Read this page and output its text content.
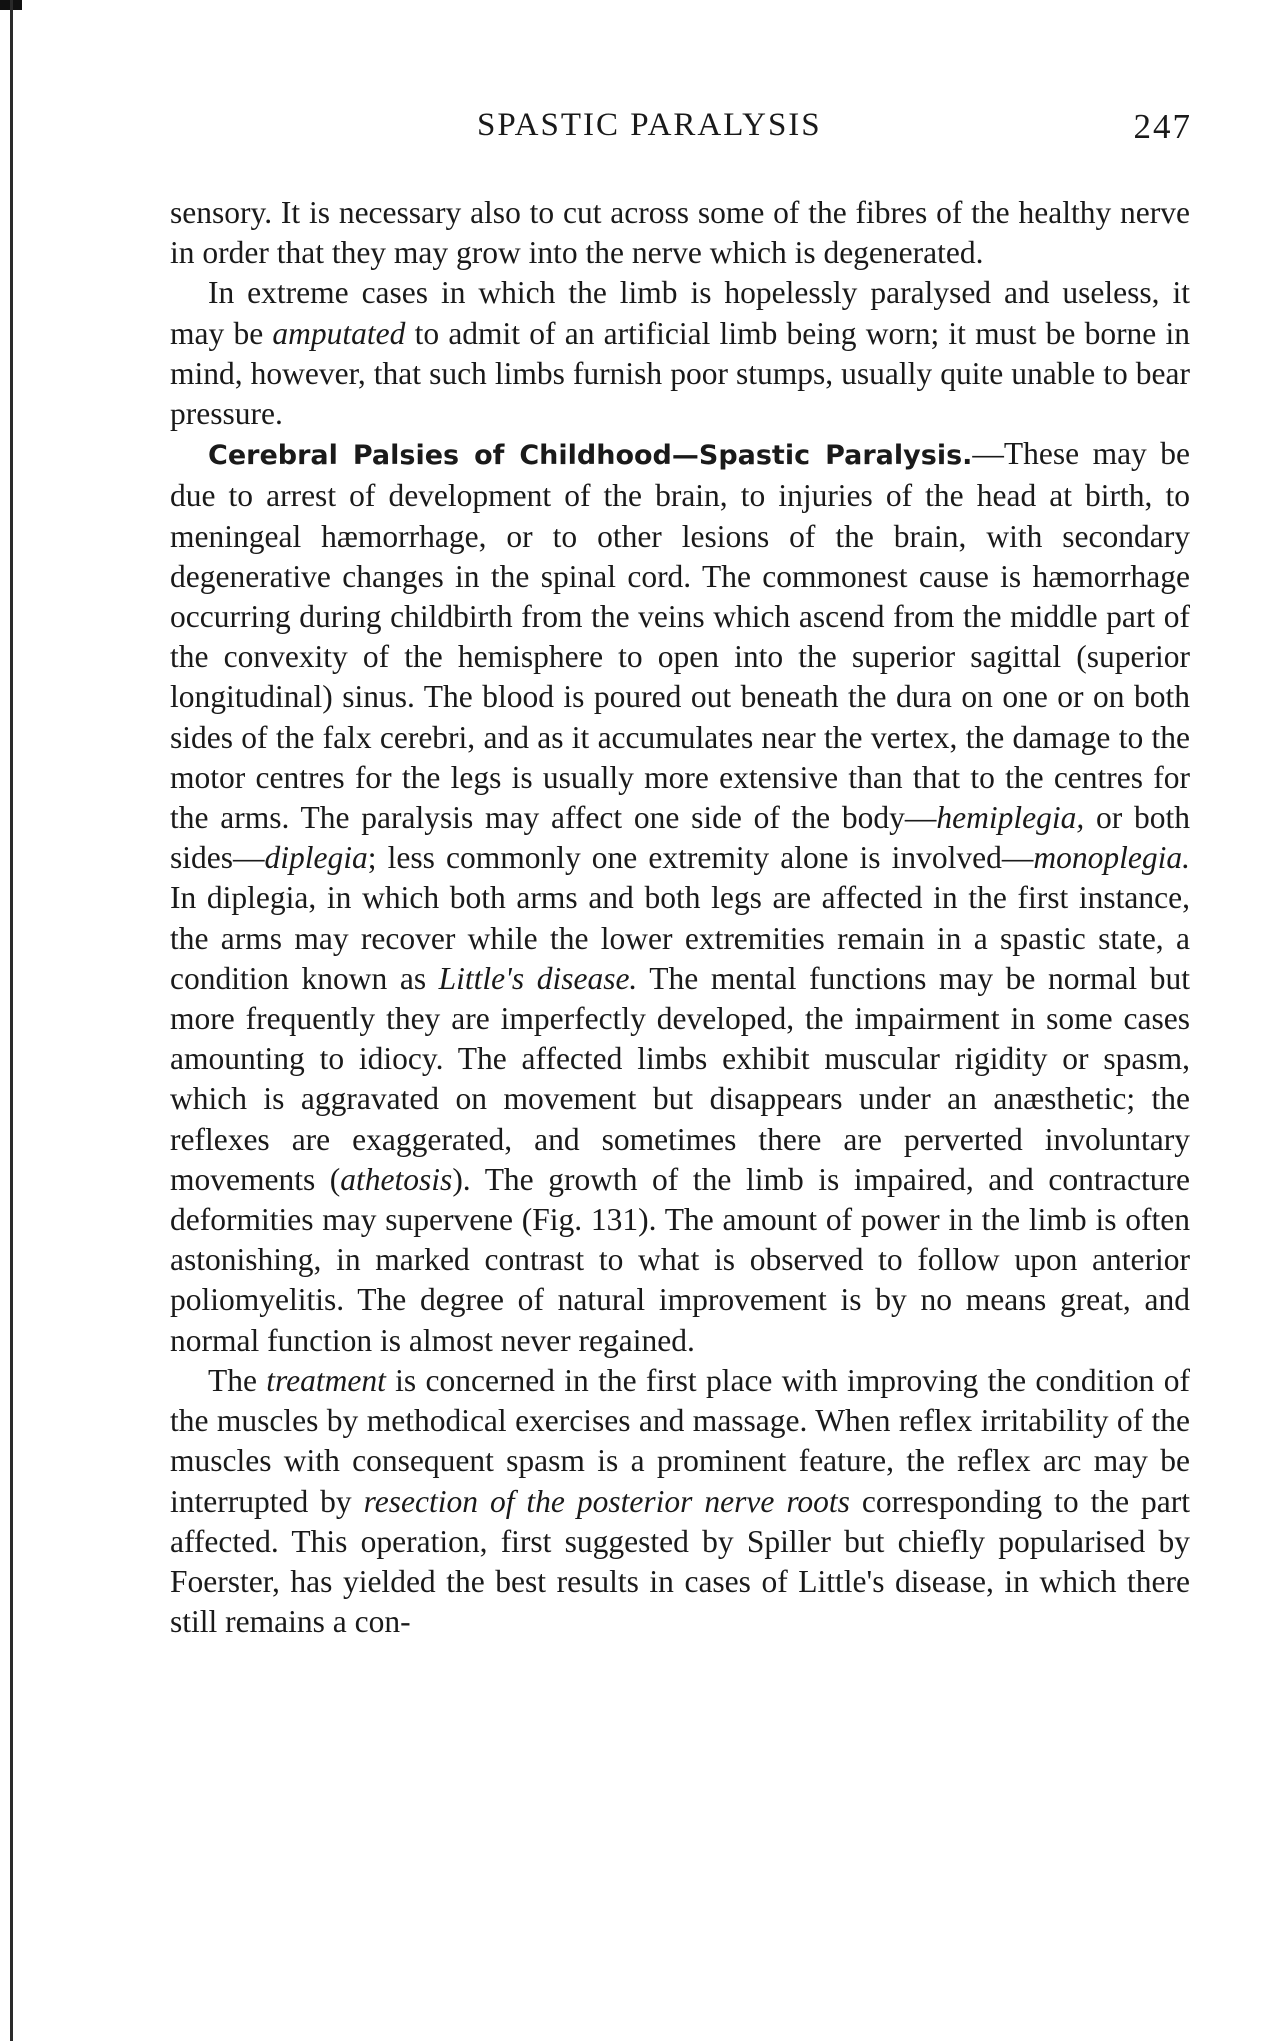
SPASTIC PARALYSIS	247

sensory. It is necessary also to cut across some of the fibres of the healthy nerve in order that they may grow into the nerve which is degenerated.

In extreme cases in which the limb is hopelessly paralysed and useless, it may be amputated to admit of an artificial limb being worn; it must be borne in mind, however, that such limbs furnish poor stumps, usually quite unable to bear pressure.

Cerebral Palsies of Childhood—Spastic Paralysis.—These may be due to arrest of development of the brain, to injuries of the head at birth, to meningeal hæmorrhage, or to other lesions of the brain, with secondary degenerative changes in the spinal cord. The commonest cause is hæmorrhage occurring during childbirth from the veins which ascend from the middle part of the convexity of the hemisphere to open into the superior sagittal (superior longitudinal) sinus. The blood is poured out beneath the dura on one or on both sides of the falx cerebri, and as it accumulates near the vertex, the damage to the motor centres for the legs is usually more extensive than that to the centres for the arms. The paralysis may affect one side of the body—hemiplegia, or both sides—diplegia; less commonly one extremity alone is involved—monoplegia. In diplegia, in which both arms and both legs are affected in the first instance, the arms may recover while the lower extremities remain in a spastic state, a condition known as Little's disease. The mental functions may be normal but more frequently they are imperfectly developed, the impairment in some cases amounting to idiocy. The affected limbs exhibit muscular rigidity or spasm, which is aggravated on movement but disappears under an anæsthetic; the reflexes are exaggerated, and sometimes there are perverted involuntary movements (athetosis). The growth of the limb is impaired, and contracture deformities may supervene (Fig. 131). The amount of power in the limb is often astonishing, in marked contrast to what is observed to follow upon anterior poliomyelitis. The degree of natural improvement is by no means great, and normal function is almost never regained.

The treatment is concerned in the first place with improving the condition of the muscles by methodical exercises and massage. When reflex irritability of the muscles with consequent spasm is a prominent feature, the reflex arc may be interrupted by resection of the posterior nerve roots corresponding to the part affected. This operation, first suggested by Spiller but chiefly popularised by Foerster, has yielded the best results in cases of Little's disease, in which there still remains a con-
